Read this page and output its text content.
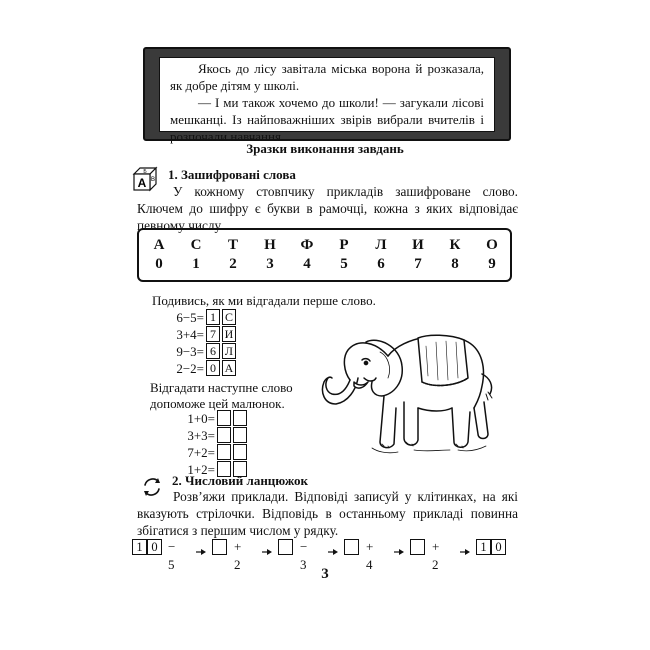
Якось до лісу завітала міська ворона й розказала, як добре дітям у школі.

— І ми також хочемо до школи! — загукали лісові мешканці. Із найповажніших звірів вибрали вчителів і розпочали навчання.

Зразки виконання завдань
А
Б
В 1. Зашифровані слова

У кожному стовпчику прикладів зашифроване слово. Ключем до шифру є букви в рамочці, кожна з яких відповідає певному числу.

А
0
С
1
Т
2
Н
3
Ф
4
Р
5
Л
6
И
7
К
8
О
9
Подивись, як ми відгадали перше слово.
6−5= 1 С
3+4= 7 И
9−3= 6 Л
2−2= 0 А
Відгадати наступне слово
допоможе цей малюнок.
1+0=
3+3=
7+2=
1+2=
2. Числовий ланцюжок

Розв’яжи приклади. Відповіді записуй у клітинках, на які вказують стрілочки. Відповідь в останньому прикладі повинна збігатися з першим числом у рядку.

1 0 − 5
+ 2
− 3
+ 4
+ 2
1 0
3
